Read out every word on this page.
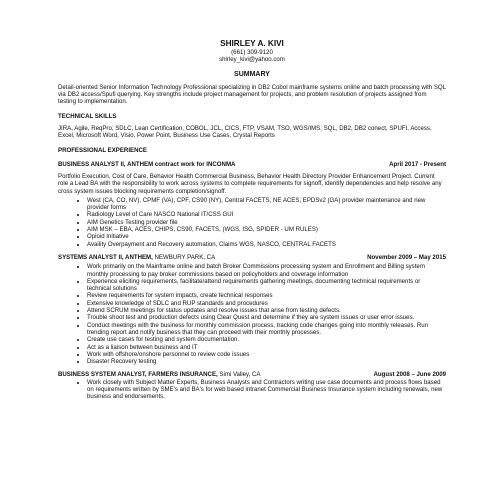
SHIRLEY A. KIVI
(661) 309-9120
shirley_kivi@yahoo.com
SUMMARY
Detail-oriented Senior Information Technology Professional specializing in DB2 Cobol mainframe systems online and batch processing with SQL via DB2 access/Spufi querying. Key strengths include project management for projects, and problem resolution of projects assigned from testing to implementation.
TECHNICAL SKILLS
JIRA, Agile, ReqPro, SDLC, Lean Certification, COBOL, JCL, CICS, FTP, VSAM, TSO, WGS/IMS, SQL, DB2, DB2 conect, SPUFI, Access, Excel, Microsoft Word, Visio, Power Point, Business Use Cases, Crystal Reports
PROFESSIONAL EXPERIENCE
BUSINESS ANALYST II, ANTHEM contract work for INCONMA	April 2017 - Present
Portfolio Execution, Cost of Care, Behavior Health Commercial Business, Behavior Health Directory Provider Enhancement Project. Current role a Lead BA with the responsibility to work across systems to complete requirements for signoff, identify dependencies and help resolve any cross system issues blocking requirements completion/signoff.
• West (CA, CO, NV), CPMF (VA), CPF, CS90 (NY), Central FACETS, NE ACES, EPDSv2 (GA) provider maintenance and new provider forms
• Radiology Level of Care NASCO National IT/CSS GUI
• AIM Genetics Testing provider file
• AIM MSK – EBA, ACES, CHIPS, CS90, FACETS, (WGS, ISG, SPIDER - UM RULES)
• Opioid Initiative
• Availity Overpayment and Recovery automation, Claims WGS, NASCO, CENTRAL FACETS
SYSTEMS ANALYST II, ANTHEM, NEWBURY PARK, CA	November 2009 – May 2015
• Work primarily on the Mainframe online and batch Broker Commissions processing system and Enrollment and Billing system monthly processing to pay broker commissions based on policyholders and coverage information
• Experience eliciting requirements, facilitate/attend requirements gathering meetings, documenting technical requirements or technical solutions
• Review requirements for system impacts, create technical responses
• Extensive knowledge of SDLC and RUP standards and procedures
• Attend SCRUM meetings for status updates and resolve issues that arise from testing defects.
• Trouble shoot test and production defects using Clear Quest and determine if they are system issues or user error issues.
• Conduct meetings with the business for monthly commission process, tracking code changes going into monthly releases. Run trending report and notify business that they can proceed with their monthly processes.
• Create use cases for testing and system documentation.
• Act as a liaison between business and IT
• Work with offshore/onshore personnel to review code issues
• Disaster Recovery testing
BUSINESS SYSTEM ANALYST, FARMERS INSURANCE, Simi Valley, CA	August 2008 – June 2009
• Work closely with Subject Matter Experts, Business Analysts and Contractors writing use case documents and process flows based on requirements written by SME's and BA's for web based intranet Commercial Business Insurance system including renewals, new business and endorsements.
